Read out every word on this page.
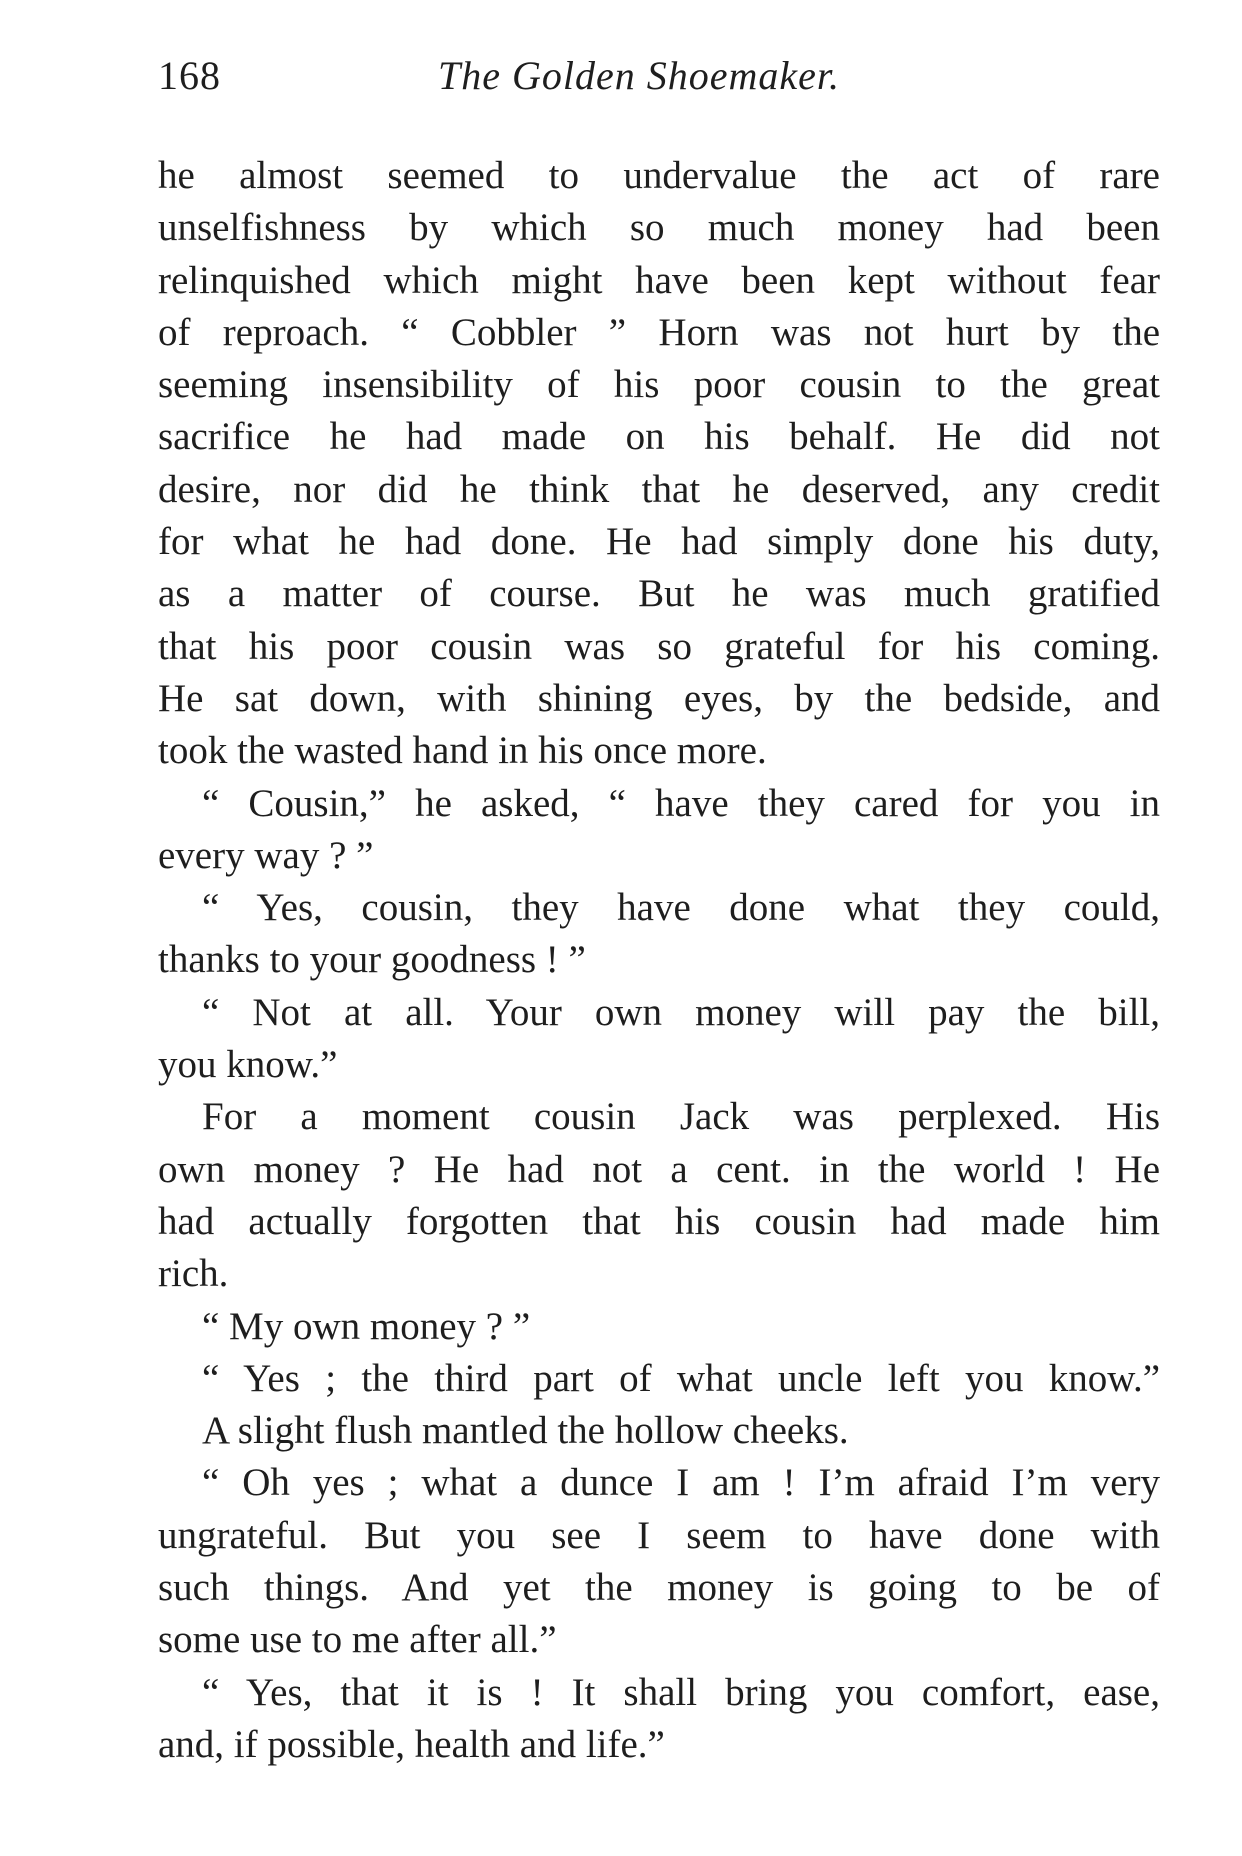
168	The Golden Shoemaker.
he almost seemed to undervalue the act of rare
unselfishness by which so much money had been
relinquished which might have been kept without fear
of reproach. “ Cobbler ” Horn was not hurt by the
seeming insensibility of his poor cousin to the great
sacrifice he had made on his behalf. He did not
desire, nor did he think that he deserved, any credit
for what he had done. He had simply done his duty,
as a matter of course. But he was much gratified
that his poor cousin was so grateful for his coming.
He sat down, with shining eyes, by the bedside, and
took the wasted hand in his once more.
“ Cousin,” he asked, “ have they cared for you in
every way ? ”
“ Yes, cousin, they have done what they could,
thanks to your goodness ! ”
“ Not at all. Your own money will pay the bill,
you know.”
For a moment cousin Jack was perplexed. His
own money ? He had not a cent. in the world ! He
had actually forgotten that his cousin had made him
rich.
“ My own money ? ”
“ Yes ; the third part of what uncle left you know.”
A slight flush mantled the hollow cheeks.
“ Oh yes ; what a dunce I am ! I’m afraid I’m very
ungrateful. But you see I seem to have done with
such things. And yet the money is going to be of
some use to me after all.”
“ Yes, that it is ! It shall bring you comfort, ease,
and, if possible, health and life.”
